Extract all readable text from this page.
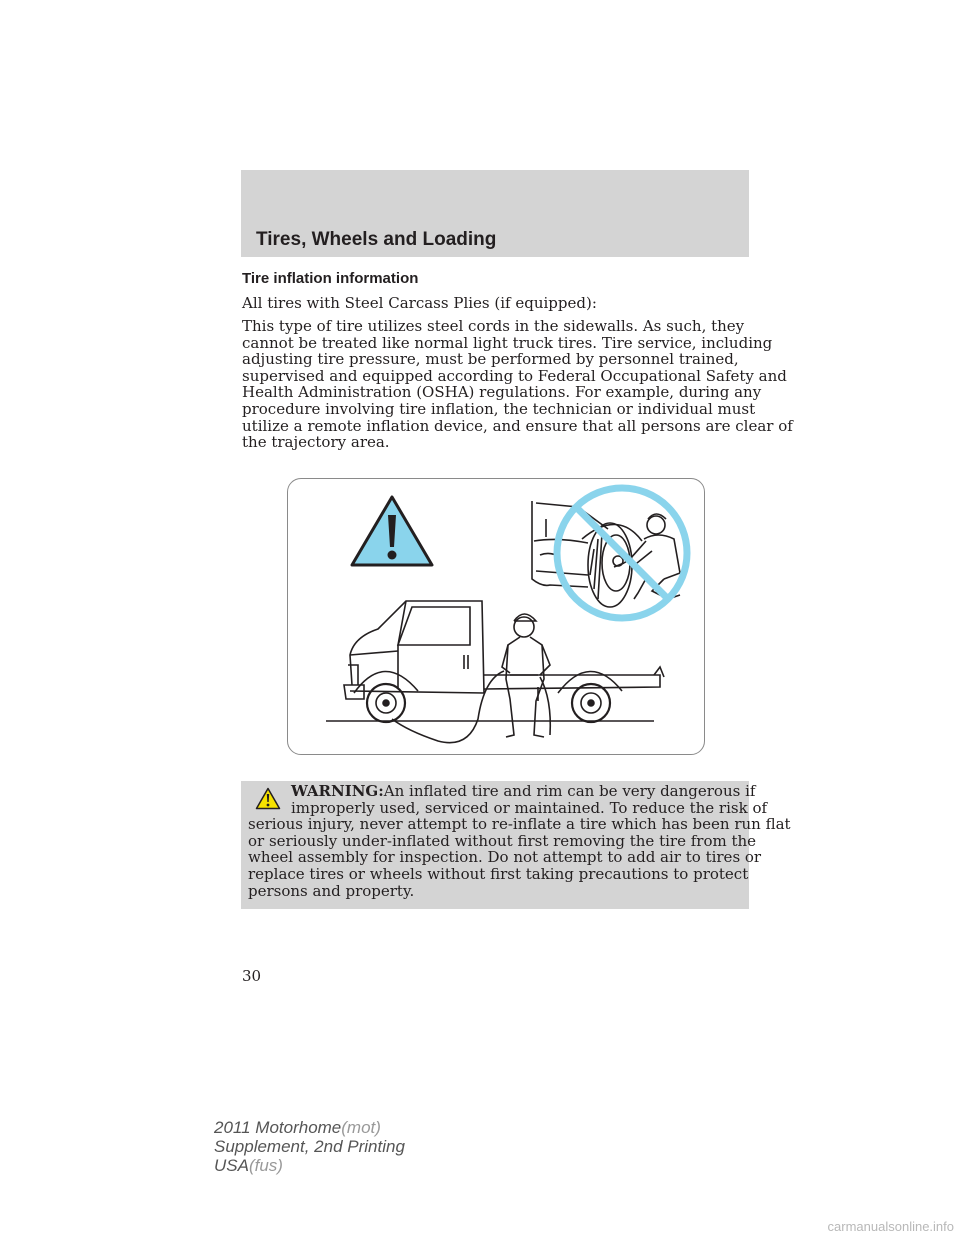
Tires, Wheels and Loading
Tire inflation information
All tires with Steel Carcass Plies (if equipped):
This type of tire utilizes steel cords in the sidewalls. As such, they
cannot be treated like normal light truck tires. Tire service, including
adjusting tire pressure, must be performed by personnel trained,
supervised and equipped according to Federal Occupational Safety and
Health Administration (OSHA) regulations. For example, during any
procedure involving tire inflation, the technician or individual must
utilize a remote inflation device, and ensure that all persons are clear of
the trajectory area.
WARNING:An inflated tire and rim can be very dangerous if
improperly used, serviced or maintained. To reduce the risk of
serious injury, never attempt to re-inflate a tire which has been run flat
or seriously under-inflated without first removing the tire from the
wheel assembly for inspection. Do not attempt to add air to tires or
replace tires or wheels without first taking precautions to protect
persons and property.
30
2011 Motorhome(mot)
Supplement, 2nd Printing
USA(fus)
carmanualsonline.info
